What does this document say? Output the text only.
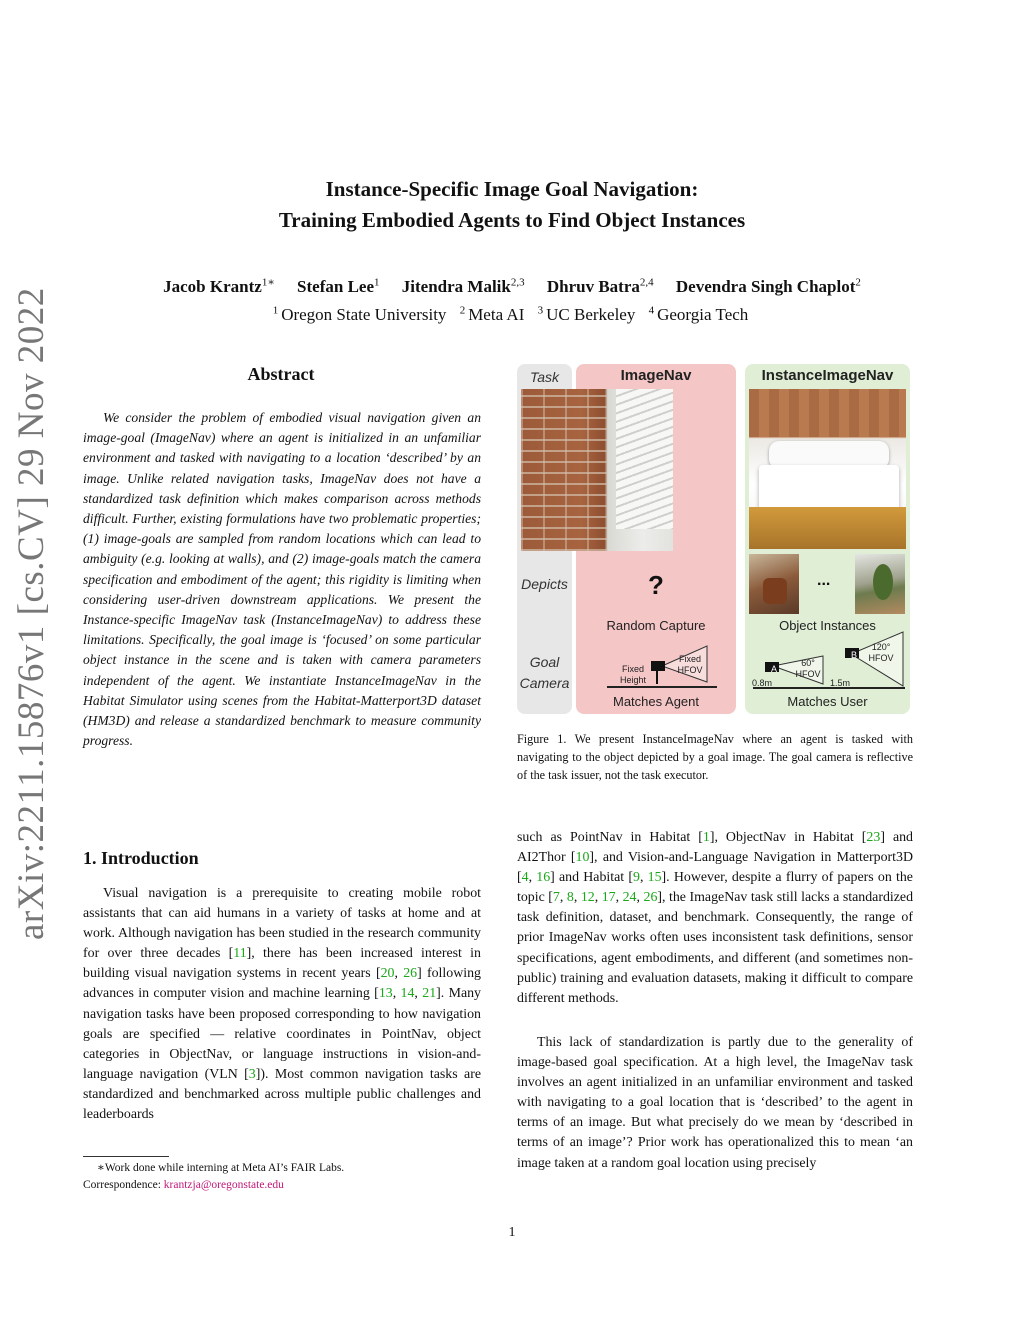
Instance-Specific Image Goal Navigation:
Training Embodied Agents to Find Object Instances
Jacob Krantz$^{1∗}$ Stefan Lee$^1$ Jitendra Malik$^{2,3}$ Dhruv Batra$^{2,4}$ Devendra Singh Chaplot$^2$
$^1$ Oregon State University $^2$ Meta AI $^3$ UC Berkeley $^4$ Georgia Tech
arXiv:2211.15876v1 [cs.CV] 29 Nov 2022	Abstract
We consider the problem of embodied visual navigation given an image-goal (ImageNav) where an agent is initialized in an unfamiliar environment and tasked with navigating to a location ‘described’ by an image. Unlike related navigation tasks, ImageNav does not have a standardized task definition which makes comparison across methods difficult. Further, existing formulations have two problematic properties; (1) image-goals are sampled from random locations which can lead to ambiguity (e.g. looking at walls), and (2) image-goals match the camera specification and embodiment of the agent; this rigidity is limiting when considering user-driven downstream applications. We present the Instance-specific ImageNav task (InstanceImageNav) to address these limitations. Specifically, the goal image is ‘focused’ on some particular object instance in the scene and is taken with camera parameters independent of the agent. We instantiate InstanceImageNav in the Habitat Simulator using scenes from the Habitat-Matterport3D dataset (HM3D) and release a standardized benchmark to measure community progress.
1. Introduction
Visual navigation is a prerequisite to creating mobile robot assistants that can aid humans in a variety of tasks at home and at work. Although navigation has been studied in the research community for over three decades [11], there has been increased interest in building visual navigation systems in recent years [20, 26] following advances in computer vision and machine learning [13, 14, 21]. Many navigation tasks have been proposed corresponding to how navigation goals are specified — relative coordinates in PointNav, object categories in ObjectNav, or language instructions in vision-and-language navigation (VLN [3]). Most common navigation tasks are standardized and benchmarked across multiple public challenges and leaderboards
such as PointNav in Habitat [1], ObjectNav in Habitat [23] and AI2Thor [10], and Vision-and-Language Navigation in Matterport3D [4, 16] and Habitat [9, 15]. However, despite a flurry of papers on the topic [7, 8, 12, 17, 24, 26], the ImageNav task still lacks a standardized task definition, dataset, and benchmark. Consequently, the range of prior ImageNav works often uses inconsistent task definitions, sensor specifications, agent embodiments, and different (and sometimes non-public) training and evaluation datasets, making it difficult to compare different methods.
This lack of standardization is partly due to the generality of image-based goal specification. At a high level, the ImageNav task involves an agent initialized in an unfamiliar environment and tasked with navigating to a goal location that is ‘described’ to the agent in terms of an image. But what precisely do we mean by ‘described in terms of an image’? Prior work has operationalized this to mean ‘an image taken at a random goal location using precisely
ImageNav	InstanceImageNav
Task
Depicts
Goal Camera
?	...
Random Capture	Object Instances
Fixed Height
Fixed HFOV	A
B
60° HFOV
120° HFOV
0.8m	1.5m
Matches Agent	Matches User
Figure 1. We present InstanceImageNav where an agent is tasked with navigating to the object depicted by a goal image. The goal camera is reflective of the task issuer, not the task executor.
∗Work done while interning at Meta AI’s FAIR Labs.
Correspondence: krantzja@oregonstate.edu
1
